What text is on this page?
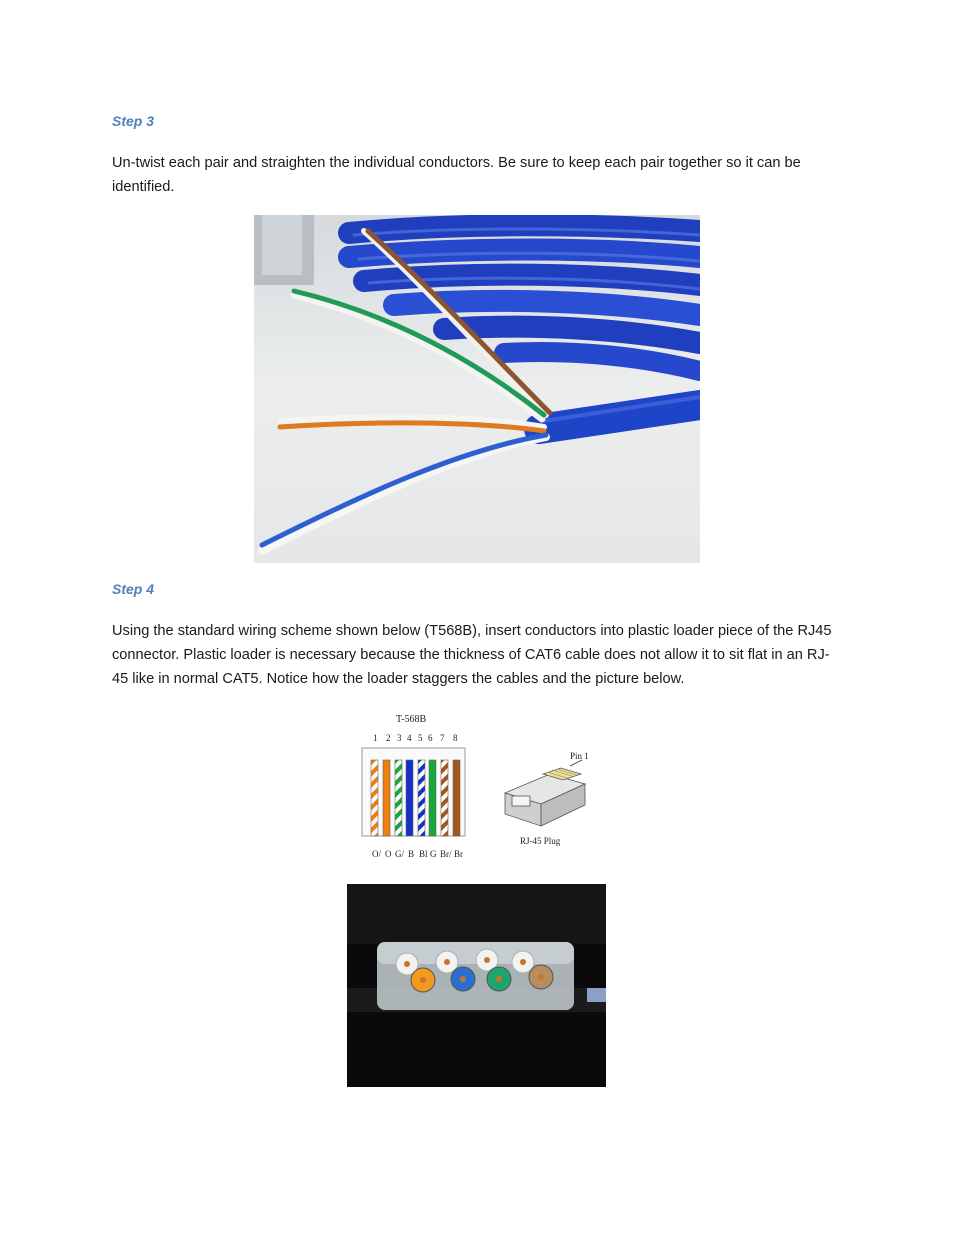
Step 3

Un-twist each pair and straighten the individual conductors. Be sure to keep each pair together so it can be identified.

Step 4

Using the standard wiring scheme shown below (T568B), insert conductors into plastic loader piece of the RJ45 connector. Plastic loader is necessary because the thickness of CAT6 cable does not allow it to sit flat in an RJ-45 like in normal CAT5. Notice how the loader staggers the cables and the picture below.

T-568B
1 2 3 4 5 6 7 8
O/ O G/ B Bl G Br/ Br
Pin 1
RJ-45 Plug
